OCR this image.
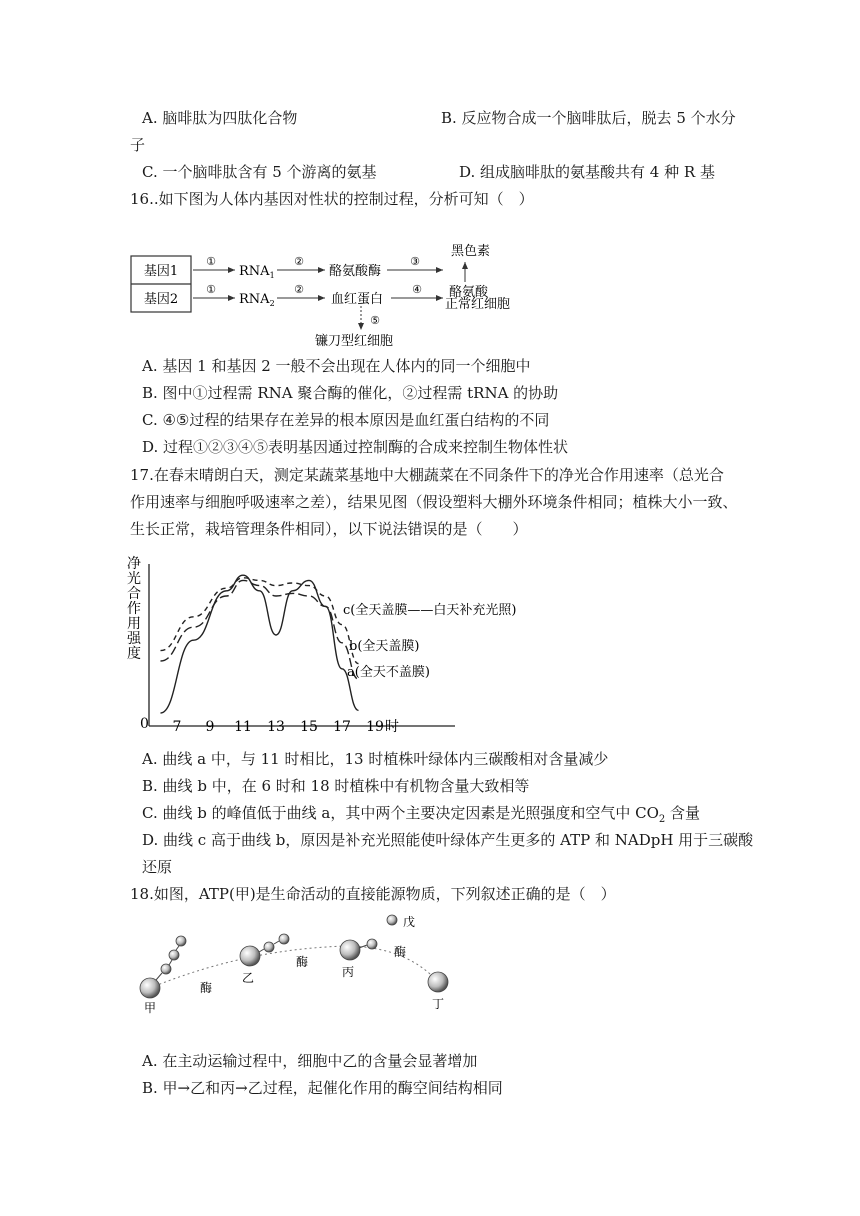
A. 脑啡肽为四肽化合物	B. 反应物合成一个脑啡肽后，脱去 5 个水分
子
C. 一个脑啡肽含有 5 个游离的氨基	D. 组成脑啡肽的氨基酸共有 4 种 R 基
16..如下图为人体内基因对性状的控制过程，分析可知（　）
基因1
基因2
①
$RNA_1$
②
酪氨酸酶
③
黑色素
酪氨酸
①
$RNA_2$
②
血红蛋白
④
正常红细胞
⑤
镰刀型红细胞
A. 基因 1 和基因 2 一般不会出现在人体内的同一个细胞中
B. 图中①过程需 RNA 聚合酶的催化，②过程需 tRNA 的协助
C. ④⑤过程的结果存在差异的根本原因是血红蛋白结构的不同
D. 过程①②③④⑤表明基因通过控制酶的合成来控制生物体性状
17.在春末晴朗白天，测定某蔬菜基地中大棚蔬菜在不同条件下的净光合作用速率（总光合
作用速率与细胞呼吸速率之差），结果见图（假设塑料大棚外环境条件相同；植株大小一致、
生长正常，栽培管理条件相同），以下说法错误的是（　　）
净光合作用强度
0 7 9 11 13 15 17 19 时
a(全天不盖膜)
b(全天盖膜)
c(全天盖膜——白天补充光照)
A. 曲线 a 中，与 11 时相比，13 时植株叶绿体内三碳酸相对含量减少
B. 曲线 b 中，在 6 时和 18 时植株中有机物含量大致相等
C. 曲线 b 的峰值低于曲线 a，其中两个主要决定因素是光照强度和空气中 $CO_2$ 含量
D. 曲线 c 高于曲线 b，原因是补充光照能使叶绿体产生更多的 ATP 和 NADpH 用于三碳酸
还原
18.如图，ATP(甲)是生命活动的直接能源物质，下列叙述正确的是（　）
甲
酶
乙
酶
丙
酶
戊
丁
A. 在主动运输过程中，细胞中乙的含量会显著增加
B. 甲→乙和丙→乙过程，起催化作用的酶空间结构相同
